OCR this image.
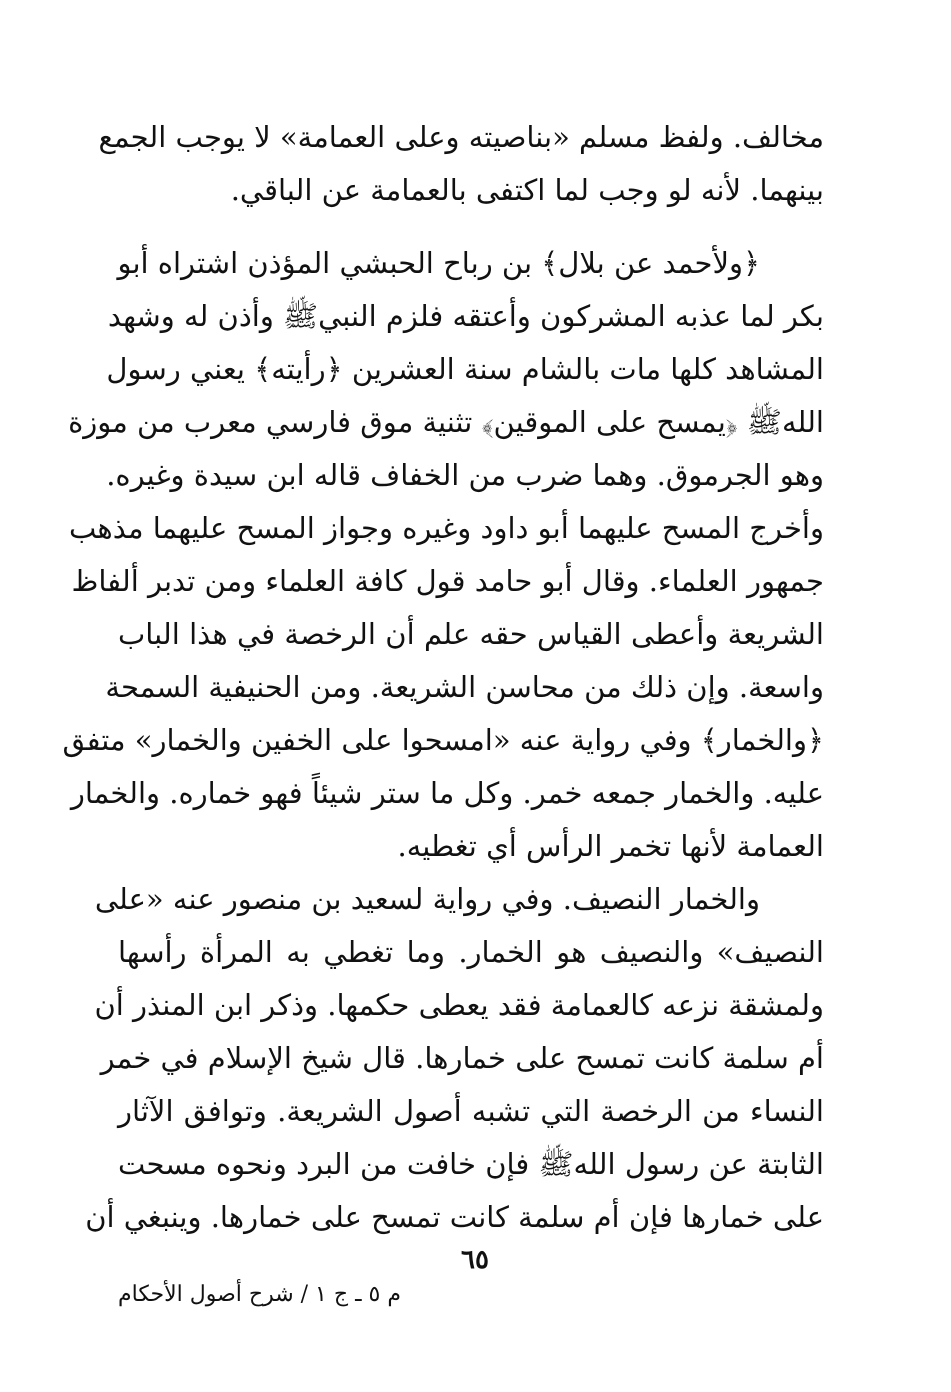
مخالف. ولفظ مسلم «بناصيته وعلى العمامة» لا يوجب الجمع
بينهما. لأنه لو وجب لما اكتفى بالعمامة عن الباقي.
﴿ولأحمد عن بلال﴾ بن رباح الحبشي المؤذن اشتراه أبو
بكر لما عذبه المشركون وأعتقه فلزم النبيﷺ وأذن له وشهد
المشاهد كلها مات بالشام سنة العشرين ﴿رأيته﴾ يعني رسول
اللهﷺ ﴿يمسح على الموقين﴾ تثنية موق فارسي معرب من موزة
وهو الجرموق. وهما ضرب من الخفاف قاله ابن سيدة وغيره.
وأخرج المسح عليهما أبو داود وغيره وجواز المسح عليهما مذهب
جمهور العلماء. وقال أبو حامد قول كافة العلماء ومن تدبر ألفاظ
الشريعة وأعطى القياس حقه علم أن الرخصة في هذا الباب
واسعة. وإن ذلك من محاسن الشريعة. ومن الحنيفية السمحة
﴿والخمار﴾ وفي رواية عنه «امسحوا على الخفين والخمار» متفق
عليه. والخمار جمعه خمر. وكل ما ستر شيئاً فهو خماره. والخمار
العمامة لأنها تخمر الرأس أي تغطيه.
والخمار النصيف. وفي رواية لسعيد بن منصور عنه «على
النصيف» والنصيف هو الخمار. وما تغطي به المرأة رأسها
ولمشقة نزعه كالعمامة فقد يعطى حكمها. وذكر ابن المنذر أن
أم سلمة كانت تمسح على خمارها. قال شيخ الإسلام في خمر
النساء من الرخصة التي تشبه أصول الشريعة. وتوافق الآثار
الثابتة عن رسول اللهﷺ فإن خافت من البرد ونحوه مسحت
على خمارها فإن أم سلمة كانت تمسح على خمارها. وينبغي أن
٦٥
م ٥ ـ ج ١ / شرح أصول الأحكام
